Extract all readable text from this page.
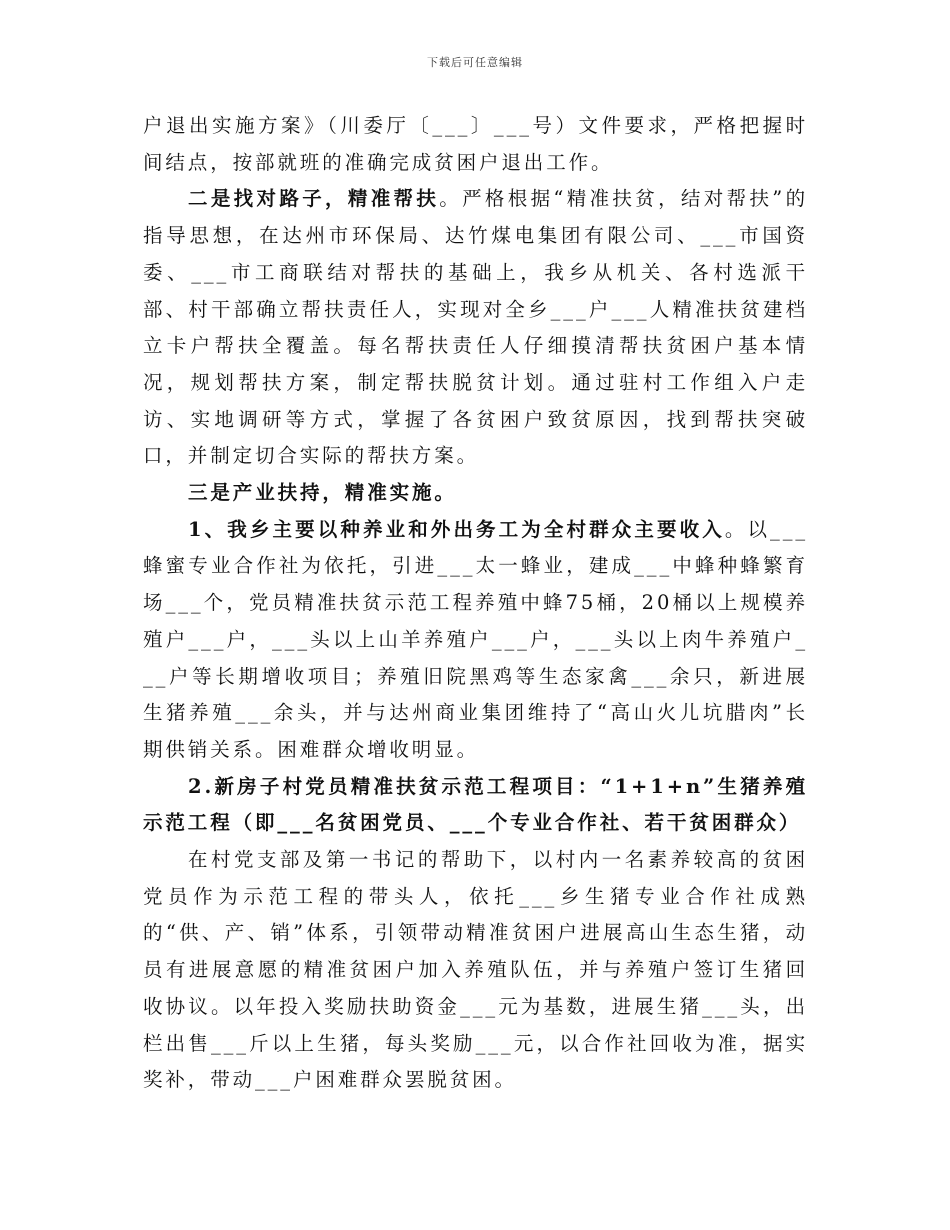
下载后可任意编辑

户退出实施方案》（川委厅〔___〕___号）文件要求，严格把握时间结点，按部就班的准确完成贫困户退出工作。

二是找对路子，精准帮扶。严格根据“精准扶贫，结对帮扶”的指导思想，在达州市环保局、达竹煤电集团有限公司、___市国资委、___市工商联结对帮扶的基础上，我乡从机关、各村选派干部、村干部确立帮扶责任人，实现对全乡___户___人精准扶贫建档立卡户帮扶全覆盖。每名帮扶责任人仔细摸清帮扶贫困户基本情况，规划帮扶方案，制定帮扶脱贫计划。通过驻村工作组入户走访、实地调研等方式，掌握了各贫困户致贫原因，找到帮扶突破口，并制定切合实际的帮扶方案。

三是产业扶持，精准实施。

1、我乡主要以种养业和外出务工为全村群众主要收入。以___蜂蜜专业合作社为依托，引进___太一蜂业，建成___中蜂种蜂繁育场___个，党员精准扶贫示范工程养殖中蜂75桶，20桶以上规模养殖户___户，___头以上山羊养殖户___户，___头以上肉牛养殖户___户等长期增收项目；养殖旧院黑鸡等生态家禽___余只，新进展生猪养殖___余头，并与达州商业集团维持了“高山火儿坑腊肉”长期供销关系。困难群众增收明显。

2.新房子村党员精准扶贫示范工程项目：“1+1+n”生猪养殖示范工程（即___名贫困党员、___个专业合作社、若干贫困群众）

在村党支部及第一书记的帮助下，以村内一名素养较高的贫困党员作为示范工程的带头人，依托___乡生猪专业合作社成熟的“供、产、销”体系，引领带动精准贫困户进展高山生态生猪，动员有进展意愿的精准贫困户加入养殖队伍，并与养殖户签订生猪回收协议。以年投入奖励扶助资金___元为基数，进展生猪___头，出栏出售___斤以上生猪，每头奖励___元，以合作社回收为准，据实奖补，带动___户困难群众罢脱贫困。
